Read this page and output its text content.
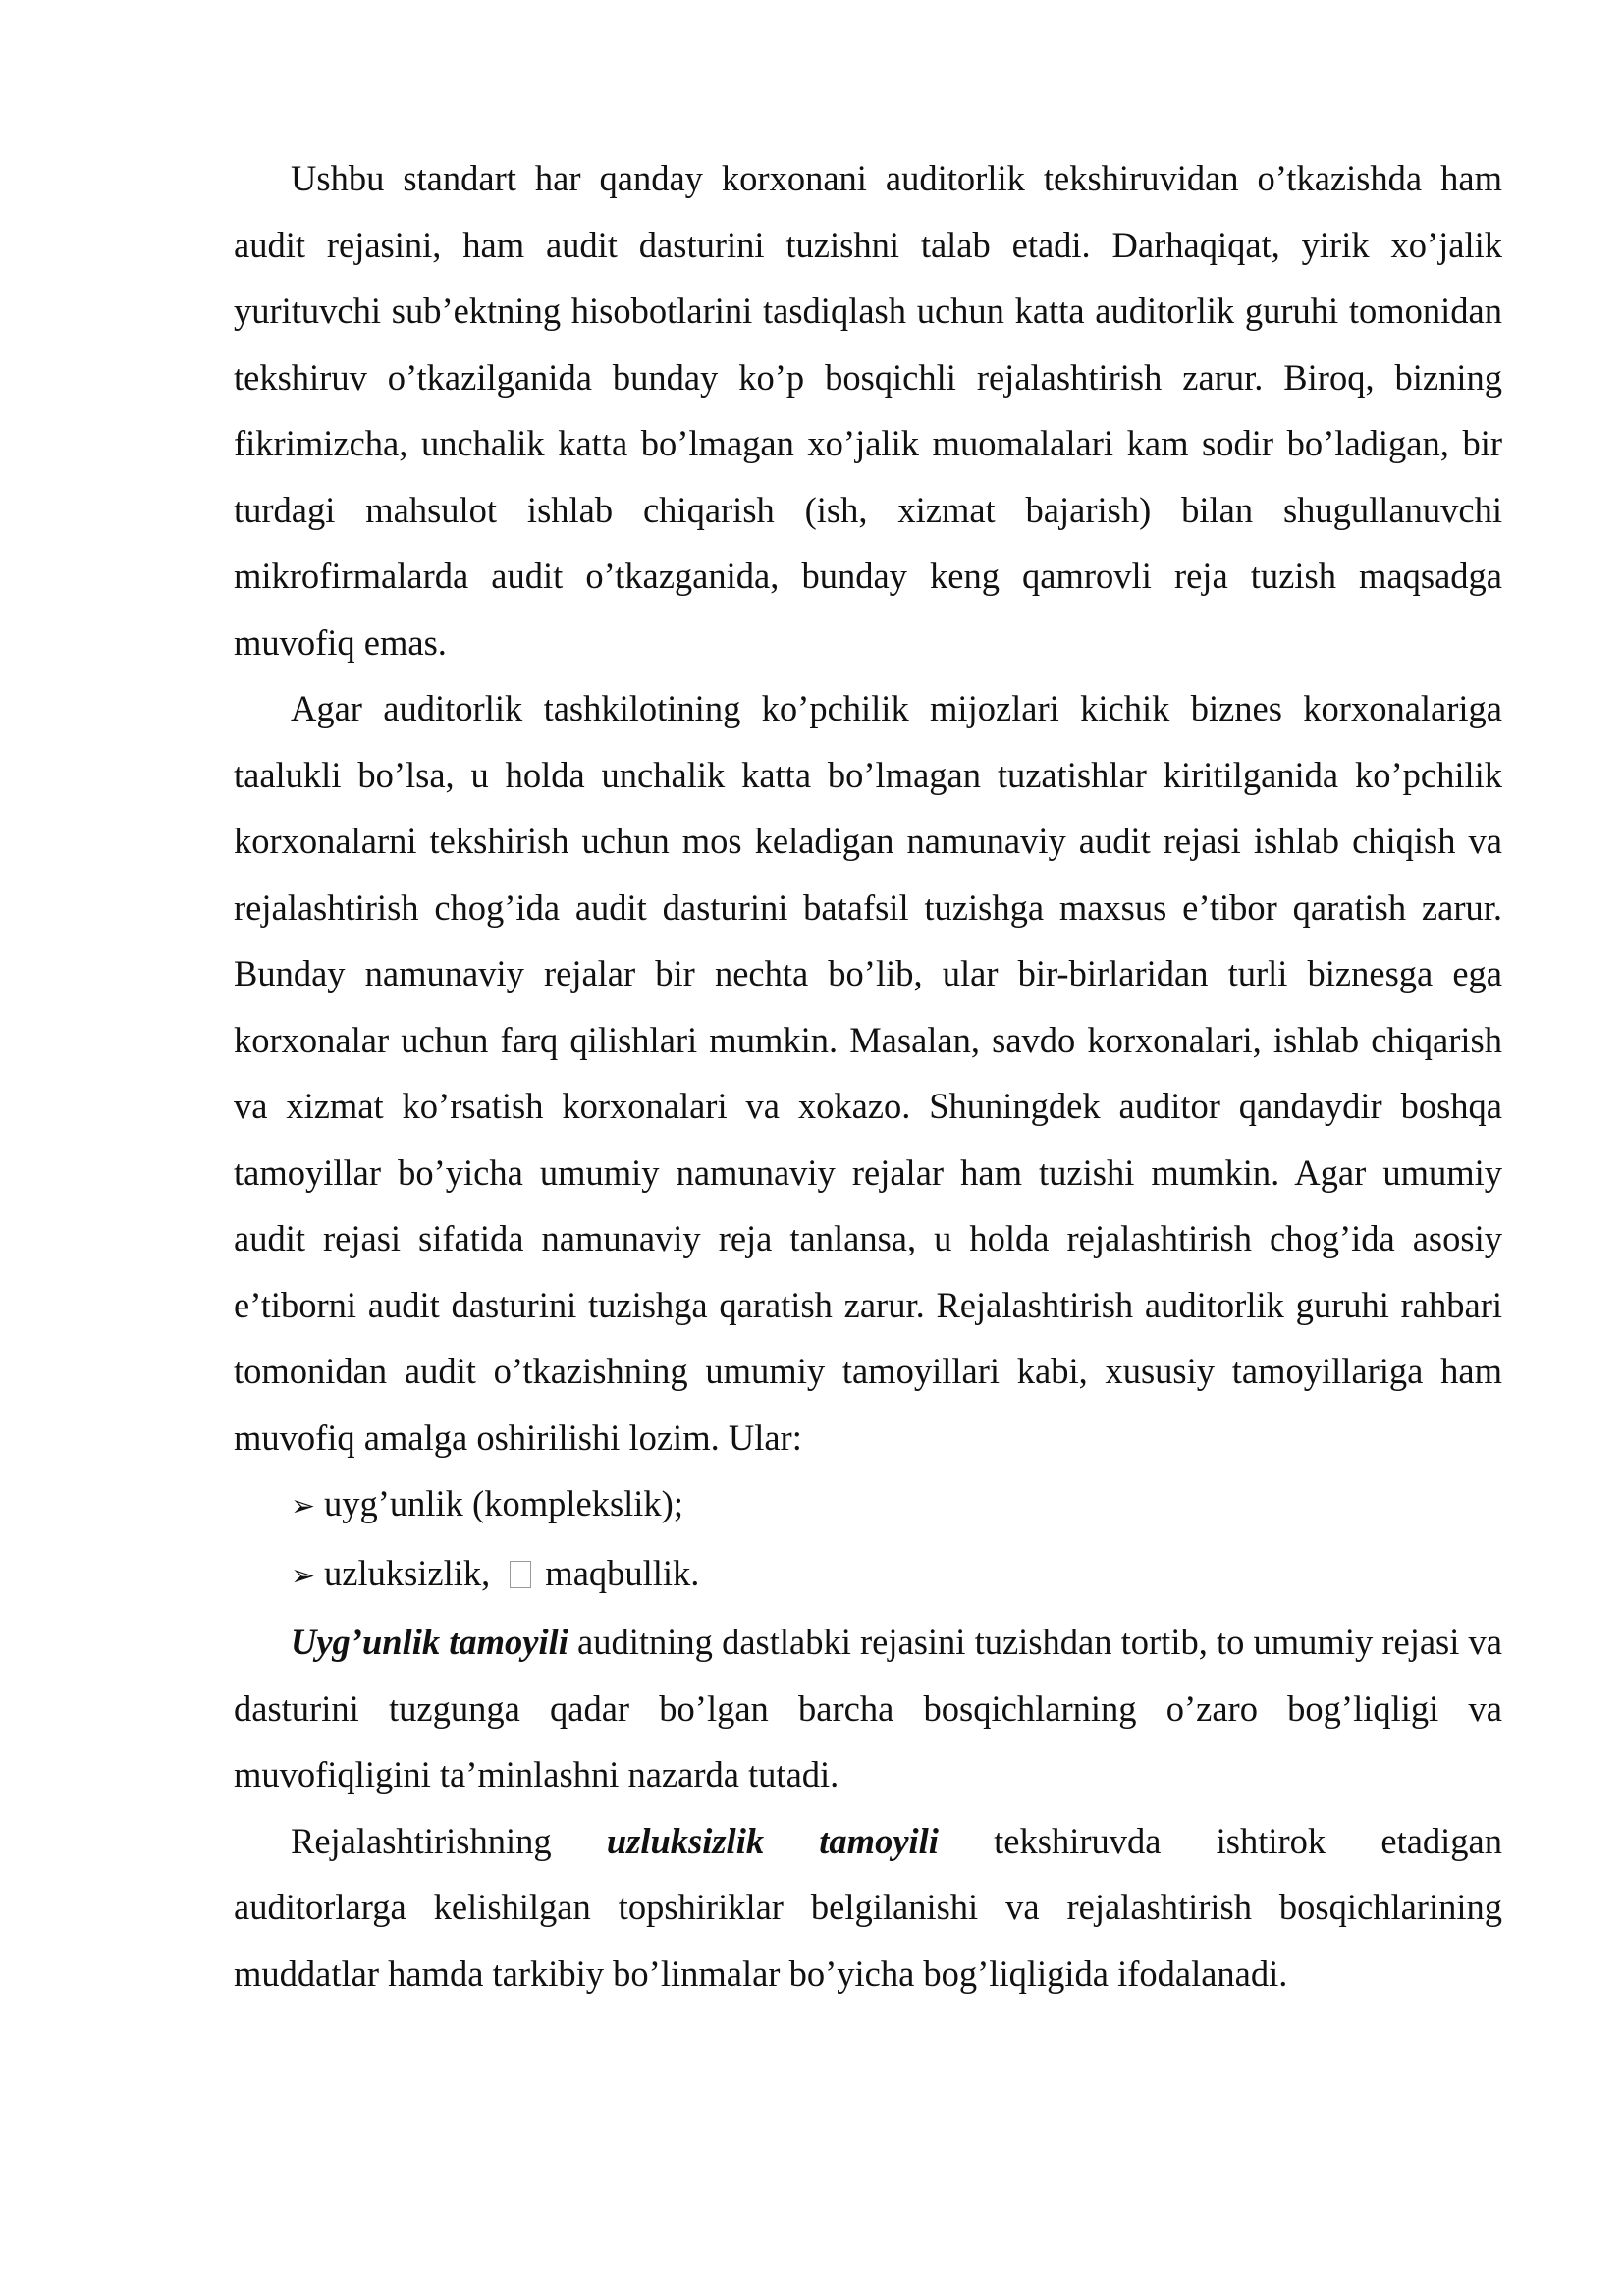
Ushbu standart har qanday korxonani auditorlik tekshiruvidan o’tkazishda ham audit rejasini, ham audit dasturini tuzishni talab etadi. Darhaqiqat, yirik xo’jalik yurituvchi sub’ektning hisobotlarini tasdiqlash uchun katta auditorlik guruhi tomonidan tekshiruv o’tkazilganida bunday ko’p bosqichli rejalashtirish zarur. Biroq, bizning fikrimizcha, unchalik katta bo’lmagan xo’jalik muomalalari kam sodir bo’ladigan, bir turdagi mahsulot ishlab chiqarish (ish, xizmat bajarish) bilan shugullanuvchi mikrofirmalarda audit o’tkazganida, bunday keng qamrovli reja tuzish maqsadga muvofiq emas.

Agar auditorlik tashkilotining ko’pchilik mijozlari kichik biznes korxonalariga taalukli bo’lsa, u holda unchalik katta bo’lmagan tuzatishlar kiritilganida ko’pchilik korxonalarni tekshirish uchun mos keladigan namunaviy audit rejasi ishlab chiqish va rejalashtirish chog’ida audit dasturini batafsil tuzishga maxsus e’tibor qaratish zarur. Bunday namunaviy rejalar bir nechta bo’lib, ular bir-birlaridan turli biznesga ega korxonalar uchun farq qilishlari mumkin. Masalan, savdo korxonalari, ishlab chiqarish va xizmat ko’rsatish korxonalari va xokazo. Shuningdek auditor qandaydir boshqa tamoyillar bo’yicha umumiy namunaviy rejalar ham tuzishi mumkin. Agar umumiy audit rejasi sifatida namunaviy reja tanlansa, u holda rejalashtirish chog’ida asosiy e’tiborni audit dasturini tuzishga qaratish zarur. Rejalashtirish auditorlik guruhi rahbari tomonidan audit o’tkazishning umumiy tamoyillari kabi, xususiy tamoyillariga ham muvofiq amalga oshirilishi lozim. Ular:

➢ uyg’unlik (komplekslik);

➢ uzluksizlik, maqbullik.

Uyg’unlik tamoyili auditning dastlabki rejasini tuzishdan tortib, to umumiy rejasi va dasturini tuzgunga qadar bo’lgan barcha bosqichlarning o’zaro bog’liqligi va muvofiqligini ta’minlashni nazarda tutadi.

Rejalashtirishning uzluksizlik tamoyili tekshiruvda ishtirok etadigan

auditorlarga kelishilgan topshiriklar belgilanishi va rejalashtirish bosqichlarining muddatlar hamda tarkibiy bo’linmalar bo’yicha bog’liqligida ifodalanadi.
